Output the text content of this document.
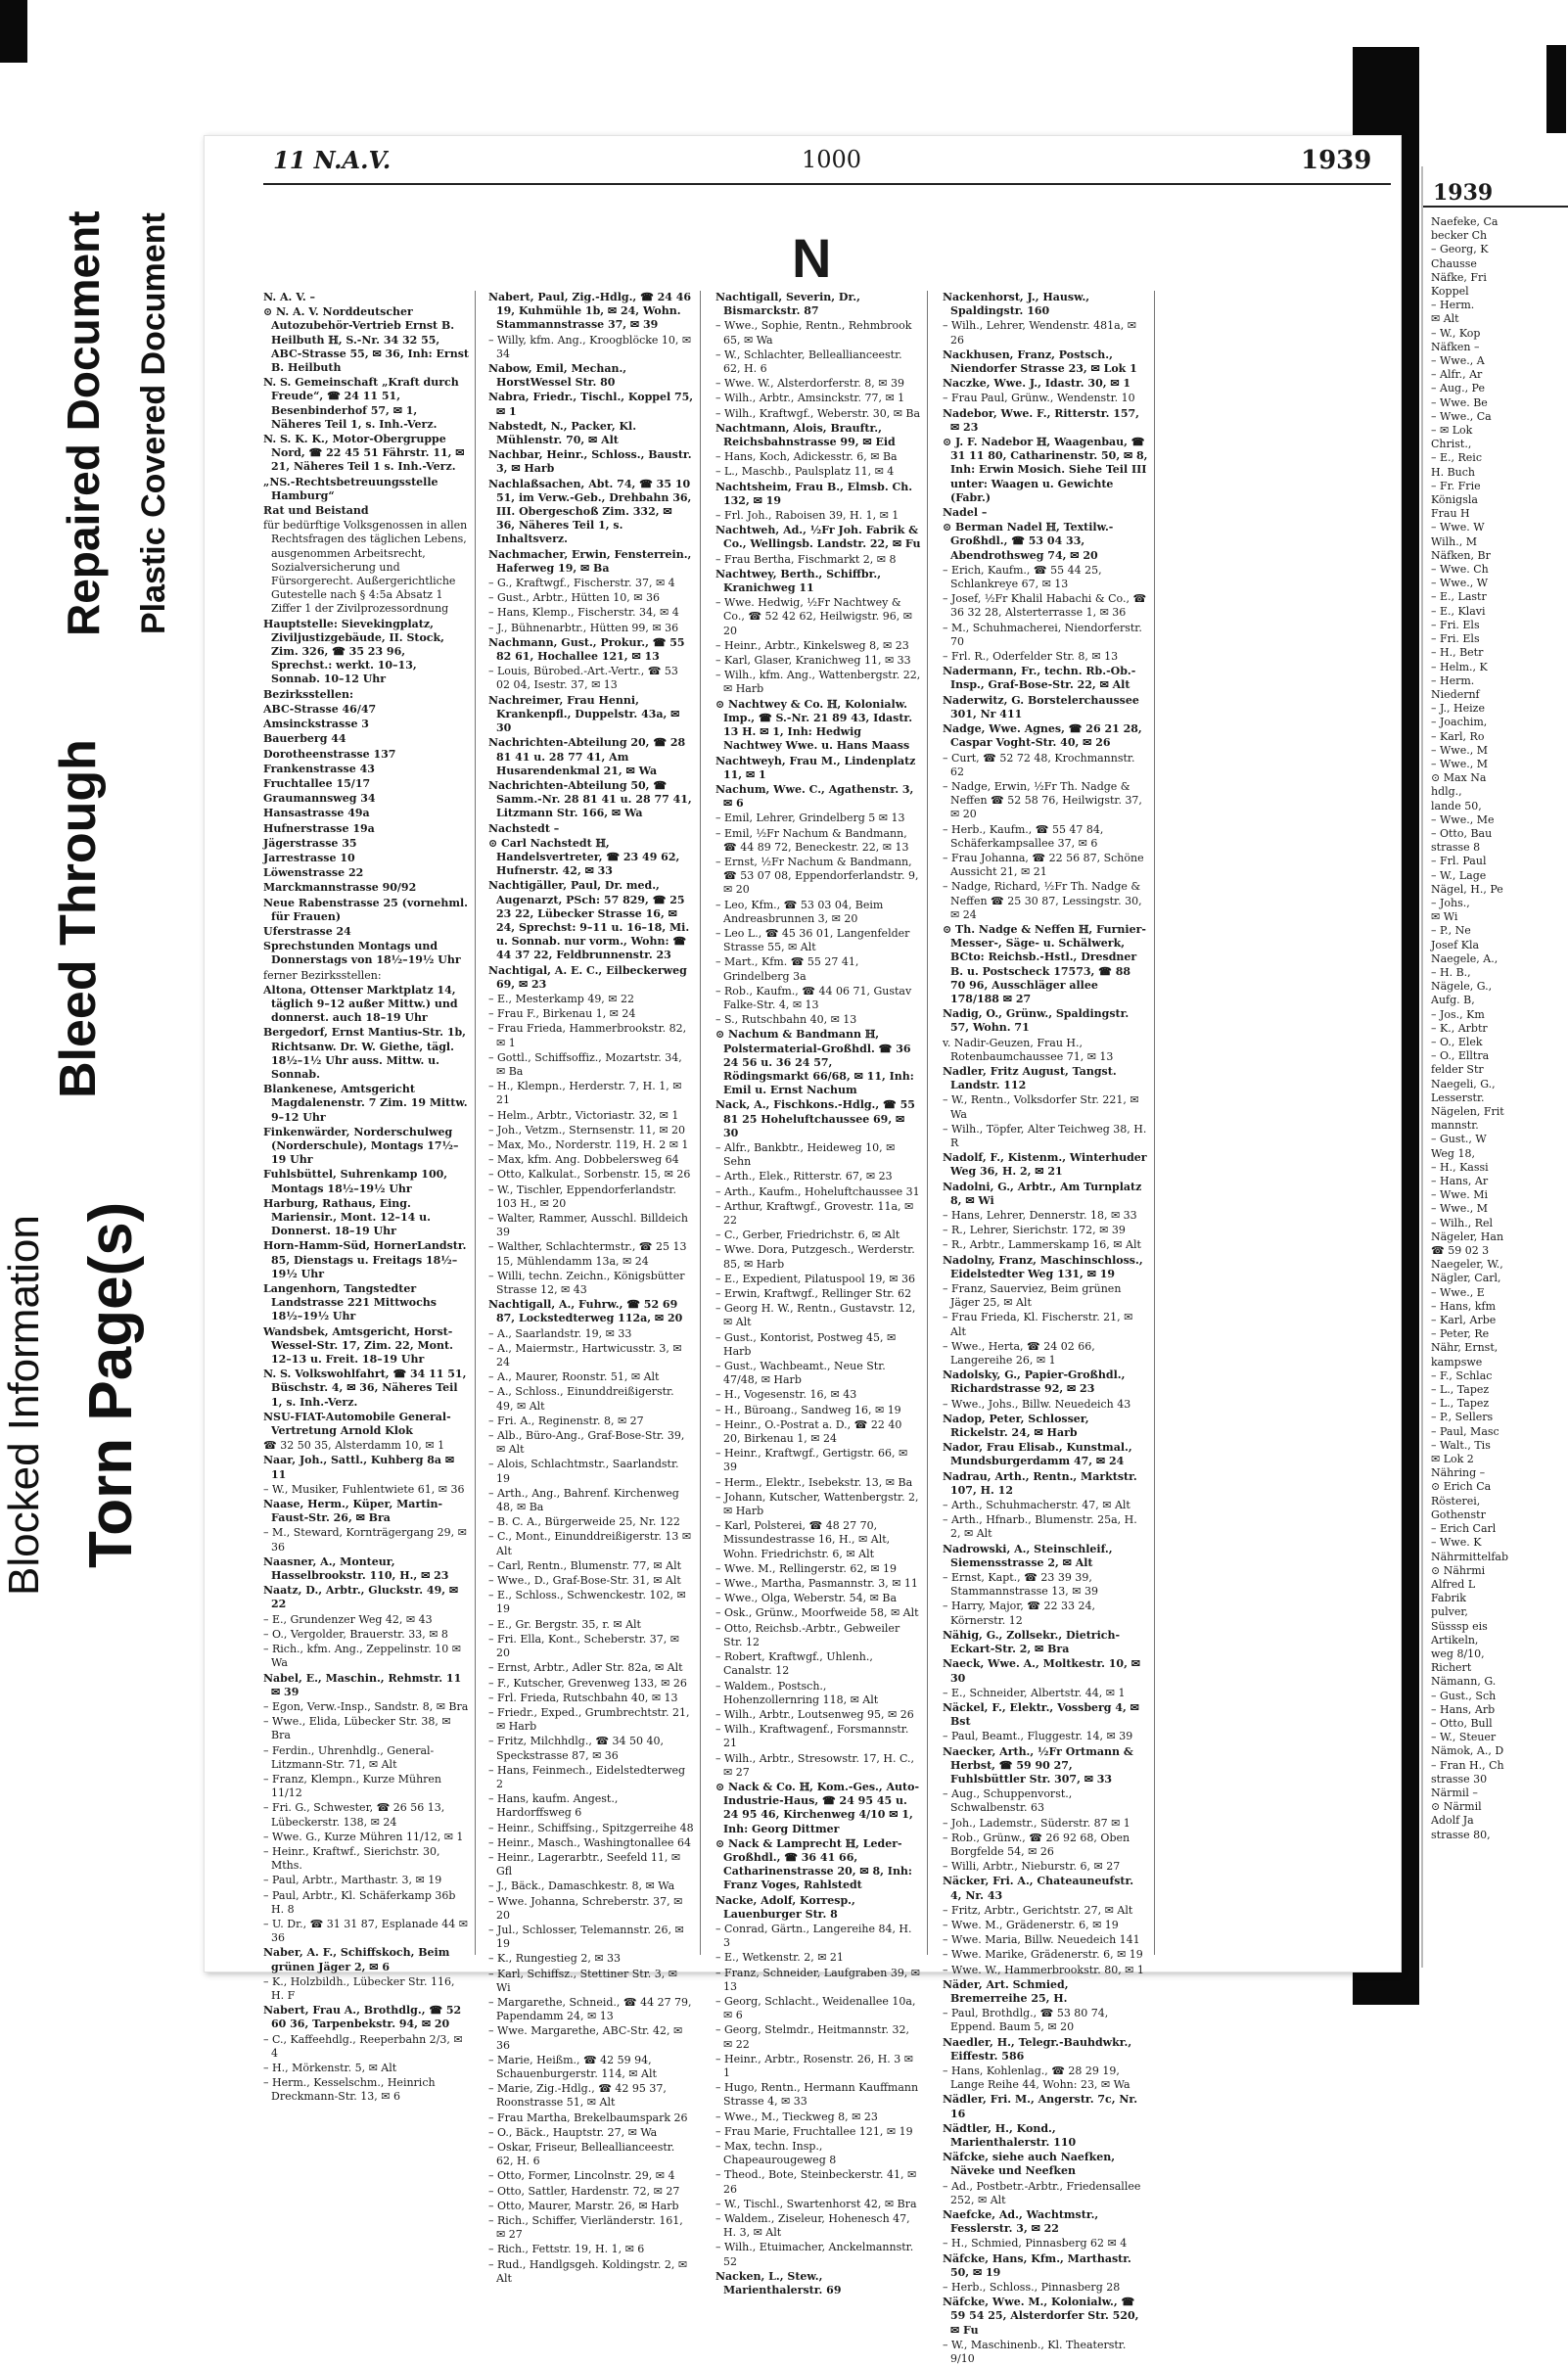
Torn Page(s)
Bleed Through
Repaired Document Plastic Covered Document
Blocked Information
11 N.A.V.	1000	1939
N

N. A. V. –

⊙ N. A. V. Norddeutscher Autozubehör-Vertrieb Ernst B. Heilbuth ℍ, S.-Nr. 34 32 55, ABC-Strasse 55, ✉ 36, Inh: Ernst B. Heilbuth

N. S. Gemeinschaft „Kraft durch Freude“, ☎ 24 11 51, Besenbinderhof 57, ✉ 1, Näheres Teil 1, s. Inh.-Verz.

N. S. K. K., Motor-Obergruppe Nord, ☎ 22 45 51 Fährstr. 11, ✉ 21, Näheres Teil 1 s. Inh.-Verz.

„NS.-Rechtsbetreuungsstelle Hamburg“

Rat und Beistand

für bedürftige Volksgenossen in allen Rechtsfragen des täglichen Lebens, ausgenommen Arbeitsrecht, Sozialversicherung und Fürsorgerecht. Außergerichtliche Gutestelle nach § 4:5a Absatz 1 Ziffer 1 der Zivilprozessordnung

Hauptstelle: Sievekingplatz, Ziviljustizgebäude, II. Stock, Zim. 326, ☎ 35 23 96, Sprechst.: werkt. 10–13, Sonnab. 10–12 Uhr

Bezirksstellen:

ABC-Strasse 46/47

Amsinckstrasse 3

Bauerberg 44

Dorotheenstrasse 137

Frankenstrasse 43

Fruchtallee 15/17

Graumannsweg 34

Hansastrasse 49a

Hufnerstrasse 19a

Jägerstrasse 35

Jarrestrasse 10

Löwenstrasse 22

Marckmannstrasse 90/92

Neue Rabenstrasse 25 (vornehml. für Frauen)

Uferstrasse 24

Sprechstunden Montags und Donnerstags von 18½–19½ Uhr

ferner Bezirksstellen:

Altona, Ottenser Marktplatz 14, täglich 9–12 außer Mittw.) und donnerst. auch 18–19 Uhr

Bergedorf, Ernst Mantius-Str. 1b, Richtsanw. Dr. W. Giethe, tägl. 18½–1½ Uhr auss. Mittw. u. Sonnab.

Blankenese, Amtsgericht Magdalenenstr. 7 Zim. 19 Mittw. 9–12 Uhr

Finkenwärder, Norderschulweg (Norderschule), Montags 17½–19 Uhr

Fuhlsbüttel, Suhrenkamp 100, Montags 18½–19½ Uhr

Harburg, Rathaus, Eing. Mariensir., Mont. 12–14 u. Donnerst. 18–19 Uhr

Horn-Hamm-Süd, HornerLandstr. 85, Dienstags u. Freitags 18½–19½ Uhr

Langenhorn, Tangstedter Landstrasse 221 Mittwochs 18½–19½ Uhr

Wandsbek, Amtsgericht, Horst-Wessel-Str. 17, Zim. 22, Mont. 12–13 u. Freit. 18–19 Uhr

N. S. Volkswohlfahrt, ☎ 34 11 51, Büschstr. 4, ✉ 36, Näheres Teil 1, s. Inh.-Verz.

NSU-FIAT-Automobile General-Vertretung Arnold Klok

☎ 32 50 35, Alsterdamm 10, ✉ 1

Naar, Joh., Sattl., Kuhberg 8a ✉ 11

– W., Musiker, Fuhlentwiete 61, ✉ 36

Naase, Herm., Küper, Martin-Faust-Str. 26, ✉ Bra

– M., Steward, Kornträgergang 29, ✉ 36

Naasner, A., Monteur, Hasselbrookstr. 110, H., ✉ 23

Naatz, D., Arbtr., Gluckstr. 49, ✉ 22

– E., Grundenzer Weg 42, ✉ 43

– O., Vergolder, Brauerstr. 33, ✉ 8

– Rich., kfm. Ang., Zeppelinstr. 10 ✉ Wa

Nabel, E., Maschin., Rehmstr. 11 ✉ 39

– Egon, Verw.-Insp., Sandstr. 8, ✉ Bra

– Wwe., Elida, Lübecker Str. 38, ✉ Bra

– Ferdin., Uhrenhdlg., General-Litzmann-Str. 71, ✉ Alt

– Franz, Klempn., Kurze Mühren 11/12

– Fri. G., Schwester, ☎ 26 56 13, Lübeckerstr. 138, ✉ 24

– Wwe. G., Kurze Mühren 11/12, ✉ 1

– Heinr., Kraftwf., Sierichstr. 30, Mths.

– Paul, Arbtr., Marthastr. 3, ✉ 19

– Paul, Arbtr., Kl. Schäferkamp 36b H. 8

– U. Dr., ☎ 31 31 87, Esplanade 44 ✉ 36

Naber, A. F., Schiffskoch, Beim grünen Jäger 2, ✉ 6

– K., Holzbildh., Lübecker Str. 116, H. F

Nabert, Frau A., Brothdlg., ☎ 52 60 36, Tarpenbekstr. 94, ✉ 20

– C., Kaffeehdlg., Reeperbahn 2/3, ✉ 4

– H., Mörkenstr. 5, ✉ Alt

– Herm., Kesselschm., Heinrich Dreckmann-Str. 13, ✉ 6

Nabert, Paul, Zig.-Hdlg., ☎ 24 46 19, Kuhmühle 1b, ✉ 24, Wohn. Stammannstrasse 37, ✉ 39

– Willy, kfm. Ang., Kroogblöcke 10, ✉ 34

Nabow, Emil, Mechan., HorstWessel Str. 80

Nabra, Friedr., Tischl., Koppel 75, ✉ 1

Nabstedt, N., Packer, Kl. Mühlenstr. 70, ✉ Alt

Nachbar, Heinr., Schloss., Baustr. 3, ✉ Harb

Nachlaßsachen, Abt. 74, ☎ 35 10 51, im Verw.-Geb., Drehbahn 36, III. Obergeschoß Zim. 332, ✉ 36, Näheres Teil 1, s. Inhaltsverz.

Nachmacher, Erwin, Fensterrein., Haferweg 19, ✉ Ba

– G., Kraftwgf., Fischerstr. 37, ✉ 4

– Gust., Arbtr., Hütten 10, ✉ 36

– Hans, Klemp., Fischerstr. 34, ✉ 4

– J., Bühnenarbtr., Hütten 99, ✉ 36

Nachmann, Gust., Prokur., ☎ 55 82 61, Hochallee 121, ✉ 13

– Louis, Bürobed.-Art.-Vertr., ☎ 53 02 04, Isestr. 37, ✉ 13

Nachreimer, Frau Henni, Krankenpfl., Duppelstr. 43a, ✉ 30

Nachrichten-Abteilung 20, ☎ 28 81 41 u. 28 77 41, Am Husarendenkmal 21, ✉ Wa

Nachrichten-Abteilung 50, ☎ Samm.-Nr. 28 81 41 u. 28 77 41, Litzmann Str. 166, ✉ Wa

Nachstedt –

⊙ Carl Nachstedt ℍ, Handelsvertreter, ☎ 23 49 62, Hufnerstr. 42, ✉ 33

Nachtigäller, Paul, Dr. med., Augenarzt, PSch: 57 829, ☎ 25 23 22, Lübecker Strasse 16, ✉ 24, Sprechst: 9–11 u. 16–18, Mi. u. Sonnab. nur vorm., Wohn: ☎ 44 37 22, Feldbrunnenstr. 23

Nachtigal, A. E. C., Eilbeckerweg 69, ✉ 23

– E., Mesterkamp 49, ✉ 22

– Frau F., Birkenau 1, ✉ 24

– Frau Frieda, Hammerbrookstr. 82, ✉ 1

– Gottl., Schiffsoffiz., Mozartstr. 34, ✉ Ba

– H., Klempn., Herderstr. 7, H. 1, ✉ 21

– Helm., Arbtr., Victoriastr. 32, ✉ 1

– Joh., Vetzm., Sternsenstr. 11, ✉ 20

– Max, Mo., Norderstr. 119, H. 2 ✉ 1

– Max, kfm. Ang. Dobbelersweg 64

– Otto, Kalkulat., Sorbenstr. 15, ✉ 26

– W., Tischler, Eppendorferlandstr. 103 H., ✉ 20

– Walter, Rammer, Ausschl. Billdeich 39

– Walther, Schlachtermstr., ☎ 25 13 15, Mühlendamm 13a, ✉ 24

– Willi, techn. Zeichn., Königsbütter Strasse 12, ✉ 43

Nachtigall, A., Fuhrw., ☎ 52 69 87, Lockstedterweg 112a, ✉ 20

– A., Saarlandstr. 19, ✉ 33

– A., Maiermstr., Hartwicusstr. 3, ✉ 24

– A., Maurer, Roonstr. 51, ✉ Alt

– A., Schloss., Einunddreißigerstr. 49, ✉ Alt

– Fri. A., Reginenstr. 8, ✉ 27

– Alb., Büro-Ang., Graf-Bose-Str. 39, ✉ Alt

– Alois, Schlachtmstr., Saarlandstr. 19

– Arth., Ang., Bahrenf. Kirchenweg 48, ✉ Ba

– B. C. A., Bürgerweide 25, Nr. 122

– C., Mont., Einunddreißigerstr. 13 ✉ Alt

– Carl, Rentn., Blumenstr. 77, ✉ Alt

– Wwe., D., Graf-Bose-Str. 31, ✉ Alt

– E., Schloss., Schwenckestr. 102, ✉ 19

– E., Gr. Bergstr. 35, r. ✉ Alt

– Fri. Ella, Kont., Scheberstr. 37, ✉ 20

– Ernst, Arbtr., Adler Str. 82a, ✉ Alt

– F., Kutscher, Grevenweg 133, ✉ 26

– Frl. Frieda, Rutschbahn 40, ✉ 13

– Friedr., Exped., Grumbrechtstr. 21, ✉ Harb

– Fritz, Milchhdlg., ☎ 34 50 40, Speckstrasse 87, ✉ 36

– Hans, Feinmech., Eidelstedterweg 2

– Hans, kaufm. Angest., Hardorffsweg 6

– Heinr., Schiffsing., Spitzgerreihe 48

– Heinr., Masch., Washingtonallee 64

– Heinr., Lagerarbtr., Seefeld 11, ✉ Gfl

– J., Bäck., Damaschkestr. 8, ✉ Wa

– Wwe. Johanna, Schreberstr. 37, ✉ 20

– Jul., Schlosser, Telemannstr. 26, ✉ 19

– K., Rungestieg 2, ✉ 33

– Karl, Schiffsz., Stettiner Str. 3, ✉ Wi

– Margarethe, Schneid., ☎ 44 27 79, Papendamm 24, ✉ 13

– Wwe. Margarethe, ABC-Str. 42, ✉ 36

– Marie, Heißm., ☎ 42 59 94, Schauenburgerstr. 114, ✉ Alt

– Marie, Zig.-Hdlg., ☎ 42 95 37, Roonstrasse 51, ✉ Alt

– Frau Martha, Brekelbaumspark 26

– O., Bäck., Hauptstr. 27, ✉ Wa

– Oskar, Friseur, Belleallianceestr. 62, H. 6

– Otto, Former, Lincolnstr. 29, ✉ 4

– Otto, Sattler, Hardenstr. 72, ✉ 27

– Otto, Maurer, Marstr. 26, ✉ Harb

– Rich., Schiffer, Vierländerstr. 161, ✉ 27

– Rich., Fettstr. 19, H. 1, ✉ 6

– Rud., Handlgsgeh. Koldingstr. 2, ✉ Alt

Nachtigall, Severin, Dr., Bismarckstr. 87

– Wwe., Sophie, Rentn., Rehmbrook 65, ✉ Wa

– W., Schlachter, Belleallianceestr. 62, H. 6

– Wwe. W., Alsterdorferstr. 8, ✉ 39

– Wilh., Arbtr., Amsinckstr. 77, ✉ 1

– Wilh., Kraftwgf., Weberstr. 30, ✉ Ba

Nachtmann, Alois, Brauftr., Reichsbahnstrasse 99, ✉ Eid

– Hans, Koch, Adickesstr. 6, ✉ Ba

– L., Maschb., Paulsplatz 11, ✉ 4

Nachtsheim, Frau B., Elmsb. Ch. 132, ✉ 19

– Frl. Joh., Raboisen 39, H. 1, ✉ 1

Nachtweh, Ad., ½Fr Joh. Fabrik & Co., Wellingsb. Landstr. 22, ✉ Fu

– Frau Bertha, Fischmarkt 2, ✉ 8

Nachtwey, Berth., Schiffbr., Kranichweg 11

– Wwe. Hedwig, ½Fr Nachtwey & Co., ☎ 52 42 62, Heilwigstr. 96, ✉ 20

– Heinr., Arbtr., Kinkelsweg 8, ✉ 23

– Karl, Glaser, Kranichweg 11, ✉ 33

– Wilh., kfm. Ang., Wattenbergstr. 22, ✉ Harb

⊙ Nachtwey & Co. ℍ, Kolonialw. Imp., ☎ S.-Nr. 21 89 43, Idastr. 13 H. ✉ 1, Inh: Hedwig Nachtwey Wwe. u. Hans Maass

Nachtweyh, Frau M., Lindenplatz 11, ✉ 1

Nachum, Wwe. C., Agathenstr. 3, ✉ 6

– Emil, Lehrer, Grindelberg 5 ✉ 13

– Emil, ½Fr Nachum & Bandmann, ☎ 44 89 72, Beneckestr. 22, ✉ 13

– Ernst, ½Fr Nachum & Bandmann, ☎ 53 07 08, Eppendorferlandstr. 9, ✉ 20

– Leo, Kfm., ☎ 53 03 04, Beim Andreasbrunnen 3, ✉ 20

– Leo L., ☎ 45 36 01, Langenfelder Strasse 55, ✉ Alt

– Mart., Kfm. ☎ 55 27 41, Grindelberg 3a

– Rob., Kaufm., ☎ 44 06 71, Gustav Falke-Str. 4, ✉ 13

– S., Rutschbahn 40, ✉ 13

⊙ Nachum & Bandmann ℍ, Polstermaterial-Großhdl. ☎ 36 24 56 u. 36 24 57, Rödingsmarkt 66/68, ✉ 11, Inh: Emil u. Ernst Nachum

Nack, A., Fischkons.-Hdlg., ☎ 55 81 25 Hoheluftchaussee 69, ✉ 30

– Alfr., Bankbtr., Heideweg 10, ✉ Sehn

– Arth., Elek., Ritterstr. 67, ✉ 23

– Arth., Kaufm., Hoheluftchaussee 31

– Arthur, Kraftwgf., Grovestr. 11a, ✉ 22

– C., Gerber, Friedrichstr. 6, ✉ Alt

– Wwe. Dora, Putzgesch., Werderstr. 85, ✉ Harb

– E., Expedient, Pilatuspool 19, ✉ 36

– Erwin, Kraftwgf., Rellinger Str. 62

– Georg H. W., Rentn., Gustavstr. 12, ✉ Alt

– Gust., Kontorist, Postweg 45, ✉ Harb

– Gust., Wachbeamt., Neue Str. 47/48, ✉ Harb

– H., Vogesenstr. 16, ✉ 43

– H., Büroang., Sandweg 16, ✉ 19

– Heinr., O.-Postrat a. D., ☎ 22 40 20, Birkenau 1, ✉ 24

– Heinr., Kraftwgf., Gertigstr. 66, ✉ 39

– Herm., Elektr., Isebekstr. 13, ✉ Ba

– Johann, Kutscher, Wattenbergstr. 2, ✉ Harb

– Karl, Polsterei, ☎ 48 27 70, Missundestrasse 16, H., ✉ Alt, Wohn. Friedrichstr. 6, ✉ Alt

– Wwe. M., Rellingerstr. 62, ✉ 19

– Wwe., Martha, Pasmannstr. 3, ✉ 11

– Wwe., Olga, Weberstr. 54, ✉ Ba

– Osk., Grünw., Moorfweide 58, ✉ Alt

– Otto, Reichsb.-Arbtr., Gebweiler Str. 12

– Robert, Kraftwgf., Uhlenh., Canalstr. 12

– Waldem., Postsch., Hohenzollernring 118, ✉ Alt

– Wilh., Arbtr., Loutsenweg 95, ✉ 26

– Wilh., Kraftwagenf., Forsmannstr. 21

– Wilh., Arbtr., Stresowstr. 17, H. C., ✉ 27

⊙ Nack & Co. ℍ, Kom.-Ges., Auto-Industrie-Haus, ☎ 24 95 45 u. 24 95 46, Kirchenweg 4/10 ✉ 1, Inh: Georg Dittmer

⊙ Nack & Lamprecht ℍ, Leder-Großhdl., ☎ 36 41 66, Catharinenstrasse 20, ✉ 8, Inh: Franz Voges, Rahlstedt

Nacke, Adolf, Korresp., Lauenburger Str. 8

– Conrad, Gärtn., Langereihe 84, H. 3

– E., Wetkenstr. 2, ✉ 21

– Franz, Schneider, Laufgraben 39, ✉ 13

– Georg, Schlacht., Weidenallee 10a, ✉ 6

– Georg, Stelmdr., Heitmannstr. 32, ✉ 22

– Heinr., Arbtr., Rosenstr. 26, H. 3 ✉ 1

– Hugo, Rentn., Hermann Kauffmann Strasse 4, ✉ 33

– Wwe., M., Tieckweg 8, ✉ 23

– Frau Marie, Fruchtallee 121, ✉ 19

– Max, techn. Insp., Chapeaurougeweg 8

– Theod., Bote, Steinbeckerstr. 41, ✉ 26

– W., Tischl., Swartenhorst 42, ✉ Bra

– Waldem., Ziseleur, Hohenesch 47, H. 3, ✉ Alt

– Wilh., Etuimacher, Anckelmannstr. 52

Nacken, L., Stew., Marienthalerstr. 69

Nackenhorst, J., Hausw., Spaldingstr. 160

– Wilh., Lehrer, Wendenstr. 481a, ✉ 26

Nackhusen, Franz, Postsch., Niendorfer Strasse 23, ✉ Lok 1

Naczke, Wwe. J., Idastr. 30, ✉ 1

– Frau Paul, Grünw., Wendenstr. 10

Nadebor, Wwe. F., Ritterstr. 157, ✉ 23

⊙ J. F. Nadebor ℍ, Waagenbau, ☎ 31 11 80, Catharinenstr. 50, ✉ 8, Inh: Erwin Mosich. Siehe Teil III unter: Waagen u. Gewichte (Fabr.)

Nadel –

⊙ Berman Nadel ℍ, Textilw.-Großhdl., ☎ 53 04 33, Abendrothsweg 74, ✉ 20

– Erich, Kaufm., ☎ 55 44 25, Schlankreye 67, ✉ 13

– Josef, ½Fr Khalil Habachi & Co., ☎ 36 32 28, Alsterterrasse 1, ✉ 36

– M., Schuhmacherei, Niendorferstr. 70

– Frl. R., Oderfelder Str. 8, ✉ 13

Nadermann, Fr., techn. Rb.-Ob.-Insp., Graf-Bose-Str. 22, ✉ Alt

Naderwitz, G. Borstelerchaussee 301, Nr 411

Nadge, Wwe. Agnes, ☎ 26 21 28, Caspar Voght-Str. 40, ✉ 26

– Curt, ☎ 52 72 48, Krochmannstr. 62

– Nadge, Erwin, ½Fr Th. Nadge & Neffen ☎ 52 58 76, Heilwigstr. 37, ✉ 20

– Herb., Kaufm., ☎ 55 47 84, Schäferkampsallee 37, ✉ 6

– Frau Johanna, ☎ 22 56 87, Schöne Aussicht 21, ✉ 21

– Nadge, Richard, ½Fr Th. Nadge & Neffen ☎ 25 30 87, Lessingstr. 30, ✉ 24

⊙ Th. Nadge & Neffen ℍ, Furnier-Messer-, Säge- u. Schälwerk, BCto: Reichsb.-Hstl., Dresdner B. u. Postscheck 17573, ☎ 88 70 96, Ausschläger allee 178/188 ✉ 27

Nadig, O., Grünw., Spaldingstr. 57, Wohn. 71

v. Nadir-Geuzen, Frau H., Rotenbaumchaussee 71, ✉ 13

Nadler, Fritz August, Tangst. Landstr. 112

– W., Rentn., Volksdorfer Str. 221, ✉ Wa

– Wilh., Töpfer, Alter Teichweg 38, H. R

Nadolf, F., Kistenm., Winterhuder Weg 36, H. 2, ✉ 21

Nadolni, G., Arbtr., Am Turnplatz 8, ✉ Wi

– Hans, Lehrer, Dennerstr. 18, ✉ 33

– R., Lehrer, Sierichstr. 172, ✉ 39

– R., Arbtr., Lammerskamp 16, ✉ Alt

Nadolny, Franz, Maschinschloss., Eidelstedter Weg 131, ✉ 19

– Franz, Sauerviez, Beim grünen Jäger 25, ✉ Alt

– Frau Frieda, Kl. Fischerstr. 21, ✉ Alt

– Wwe., Herta, ☎ 24 02 66, Langereihe 26, ✉ 1

Nadolsky, G., Papier-Großhdl., Richardstrasse 92, ✉ 23

– Wwe., Johs., Billw. Neuedeich 43

Nadop, Peter, Schlosser, Rickelstr. 24, ✉ Harb

Nador, Frau Elisab., Kunstmal., Mundsburgerdamm 47, ✉ 24

Nadrau, Arth., Rentn., Marktstr. 107, H. 12

– Arth., Schuhmacherstr. 47, ✉ Alt

– Arth., Hfnarb., Blumenstr. 25a, H. 2, ✉ Alt

Nadrowski, A., Steinschleif., Siemensstrasse 2, ✉ Alt

– Ernst, Kapt., ☎ 23 39 39, Stammannstrasse 13, ✉ 39

– Harry, Major, ☎ 22 33 24, Körnerstr. 12

Nähig, G., Zollsekr., Dietrich-Eckart-Str. 2, ✉ Bra

Naeck, Wwe. A., Moltkestr. 10, ✉ 30

– E., Schneider, Albertstr. 44, ✉ 1

Näckel, F., Elektr., Vossberg 4, ✉ Bst

– Paul, Beamt., Fluggestr. 14, ✉ 39

Naecker, Arth., ½Fr Ortmann & Herbst, ☎ 59 90 27, Fuhlsbüttler Str. 307, ✉ 33

– Aug., Schuppenvorst., Schwalbenstr. 63

– Joh., Lademstr., Süderstr. 87 ✉ 1

– Rob., Grünw., ☎ 26 92 68, Oben Borgfelde 54, ✉ 26

– Willi, Arbtr., Nieburstr. 6, ✉ 27

Näcker, Fri. A., Chateauneufstr. 4, Nr. 43

– Fritz, Arbtr., Gerichtstr. 27, ✉ Alt

– Wwe. M., Grädenerstr. 6, ✉ 19

– Wwe. Maria, Billw. Neuedeich 141

– Wwe. Marike, Grädenerstr. 6, ✉ 19

– Wwe. W., Hammerbrookstr. 80, ✉ 1

Näder, Art. Schmied, Bremerreihe 25, H.

– Paul, Brothdlg., ☎ 53 80 74, Eppend. Baum 5, ✉ 20

Naedler, H., Telegr.-Bauhdwkr., Eiffestr. 586

– Hans, Kohlenlag., ☎ 28 29 19, Lange Reihe 44, Wohn: 23, ✉ Wa

Nädler, Fri. M., Angerstr. 7c, Nr. 16

Nädtler, H., Kond., Marienthalerstr. 110

Näfcke, siehe auch Naefken, Näveke und Neefken

– Ad., Postbetr.-Arbtr., Friedensallee 252, ✉ Alt

Naefcke, Ad., Wachtmstr., Fesslerstr. 3, ✉ 22

– H., Schmied, Pinnasberg 62 ✉ 4

Näfcke, Hans, Kfm., Marthastr. 50, ✉ 19

– Herb., Schloss., Pinnasberg 28

Näfcke, Wwe. M., Kolonialw., ☎ 59 54 25, Alsterdorfer Str. 520, ✉ Fu

– W., Maschinenb., Kl. Theaterstr. 9/10

1939

Naefeke, Ca

becker Ch

– Georg, K

Chausse

Näfke, Fri

Koppel

– Herm.

✉ Alt

– W., Kop

Näfken –

– Wwe., A

– Alfr., Ar

– Aug., Pe

– Wwe. Be

– Wwe., Ca

– ✉ Lok

Christ.,

– E., Reic

H. Buch

– Fr. Frie

Königsla

Frau H

– Wwe. W

Wilh., M

Näfken, Br

– Wwe. Ch

– Wwe., W

– E., Lastr

– E., Klavi

– Fri. Els

– Fri. Els

– H., Betr

– Helm., K

– Herm.

Niedernf

– J., Heize

– Joachim,

– Karl, Ro

– Wwe., M

– Wwe., M

⊙ Max Na

hdlg.,

lande 50,

– Wwe., Me

– Otto, Bau

strasse 8

– Frl. Paul

– W., Lage

Nägel, H., Pe

– Johs.,

✉ Wi

– P., Ne

Josef Kla

Naegele, A.,

– H. B.,

Nägele, G.,

Aufg. B,

– Jos., Km

– K., Arbtr

– O., Elek

– O., Elltra

felder Str

Naegeli, G.,

Lesserstr.

Nägelen, Frit

mannstr.

– Gust., W

Weg 18,

– H., Kassi

– Hans, Ar

– Wwe. Mi

– Wwe., M

– Wilh., Rel

Nägeler, Han

☎ 59 02 3

Naegeler, W.,

Nägler, Carl,

– Wwe., E

– Hans, kfm

– Karl, Arbe

– Peter, Re

Nähr, Ernst,

kampswe

– F., Schlac

– L., Tapez

– L., Tapez

– P., Sellers

– Paul, Masc

– Walt., Tis

✉ Lok 2

Nähring –

⊙ Erich Ca

Rösterei,

Gothenstr

– Erich Carl

– Wwe. K

Nährmittelfab

⊙ Nährmi

Alfred L

Fabrik

pulver,

Süsssp eis

Artikeln,

weg 8/10,

Richert

Nämann, G.

– Gust., Sch

– Hans, Arb

– Otto, Bull

– W., Steuer

Nämok, A., D

– Fran H., Ch

strasse 30

Närmil –

⊙ Närmil

Adolf Ja

strasse 80,
